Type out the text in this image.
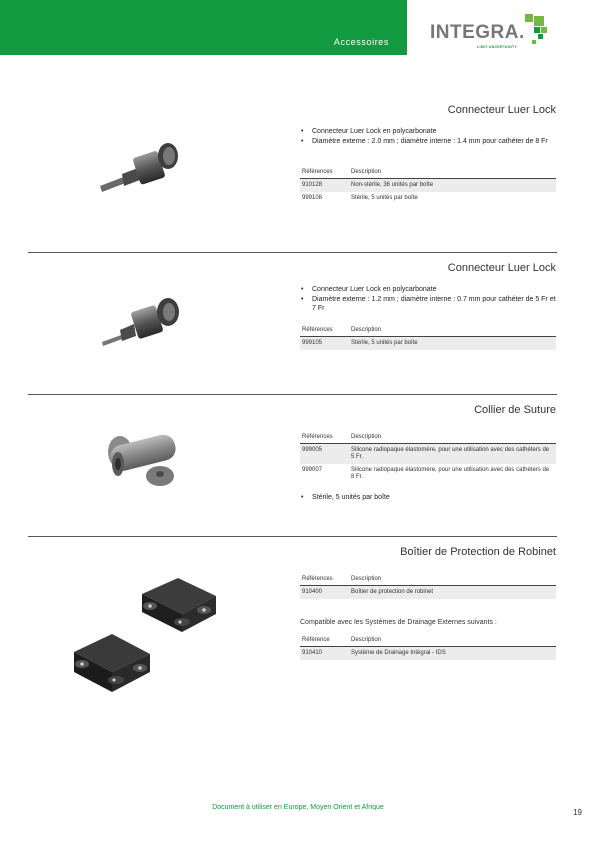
Accessoires INTEGRA.
LIMIT UNCERTAINTY
Connecteur Luer Lock
• Connecteur Luer Lock en polycarbonate
• Diamètre externe : 2.0 mm ; diamètre interne : 1.4 mm pour cathéter de 8 Fr
Références	Description
910128	Non-stérile, 36 unités par boîte
999108	Stérile, 5 unités par boîte
Connecteur Luer Lock
• Connecteur Luer Lock en polycarbonate
• Diamètre externe : 1.2 mm ; diamètre interne : 0.7 mm pour cathéter de 5 Fr et 7 Fr
Références	Description
999105	Stérile, 5 unités par boîte
Collier de Suture
Références	Description
999005	Silicone radiopaque élastomère, pour une utilisation avec des cathéters de 5 Fr.
999007	Silicone radiopaque élastomère, pour une utilisation avec des cathéters de 8 Fr.
• Stérile, 5 unités par boîte
Boîtier de Protection de Robinet
Références	Description
910400	Boîtier de protection de robinet
Compatible avec les Systèmes de Drainage Externes suivants :
Référence	Description
910410	Système de Drainage Intégral - IDS
Document à utiliser en Europe, Moyen Orient et Afrique
19
